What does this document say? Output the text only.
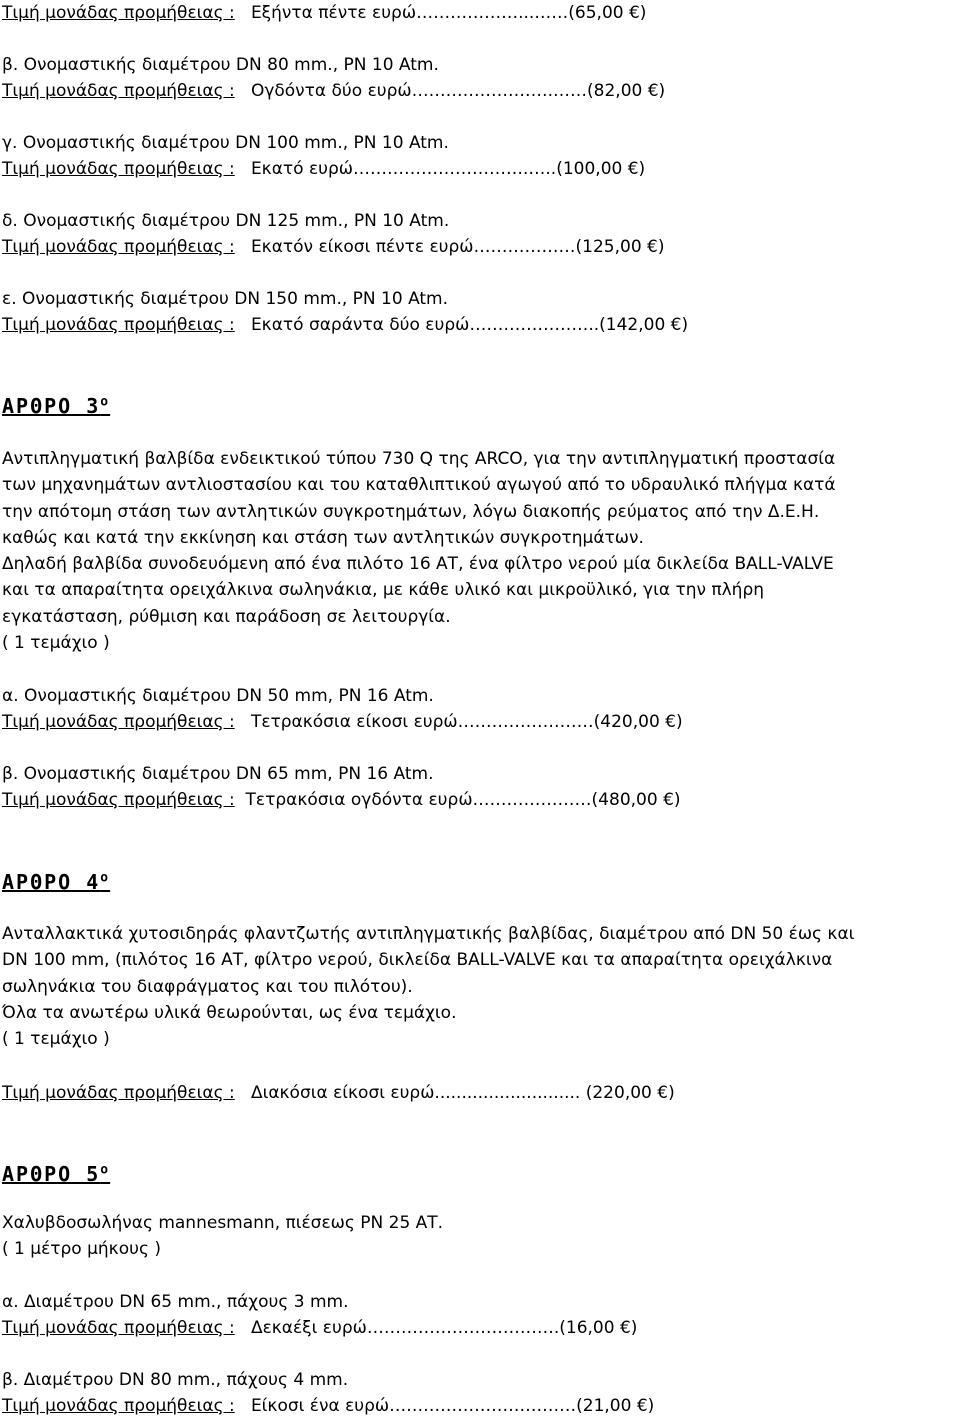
Τιμή μονάδας προμήθειας : Εξήντα πέντε ευρώ………………...……(65,00 €)
β. Ονομαστικής διαμέτρου DN 80 mm., PN 10 Atm.
Τιμή μονάδας προμήθειας : Ογδόντα δύο ευρώ…………………….……(82,00 €)
γ. Ονομαστικής διαμέτρου DN 100 mm., PN 10 Atm.
Τιμή μονάδας προμήθειας : Εκατό ευρώ………………………….…..(100,00 €)
δ. Ονομαστικής διαμέτρου DN 125 mm., PN 10 Atm.
Τιμή μονάδας προμήθειας : Εκατόν είκοσι πέντε ευρώ………………(125,00 €)
ε. Ονομαστικής διαμέτρου DN 150 mm., PN 10 Atm.
Τιμή μονάδας προμήθειας : Εκατό σαράντα δύο ευρώ…………………..(142,00 €)
ΑΡΘΡΟ $3^o$
Αντιπληγματική βαλβίδα ενδεικτικού τύπου 730 Q της ARCO, για την αντιπληγματική προστασία
των μηχανημάτων αντλιοστασίου και του καταθλιπτικού αγωγού από το υδραυλικό πλήγμα κατά
την απότομη στάση των αντλητικών συγκροτημάτων, λόγω διακοπής ρεύματος από την Δ.Ε.Η.
καθώς και κατά την εκκίνηση και στάση των αντλητικών συγκροτημάτων.
Δηλαδή βαλβίδα συνοδευόμενη από ένα πιλότο 16 ΑΤ, ένα φίλτρο νερού μία δικλείδα BALL-VALVE
και τα απαραίτητα ορειχάλκινα σωληνάκια, με κάθε υλικό και μικροϋλικό, για την πλήρη
εγκατάσταση, ρύθμιση και παράδοση σε λειτουργία.
( 1 τεμάχιο )
α. Ονομαστικής διαμέτρου DN 50 mm, PN 16 Atm.
Τιμή μονάδας προμήθειας : Τετρακόσια είκοσι ευρώ……………………(420,00 €)
β. Ονομαστικής διαμέτρου DN 65 mm, PN 16 Atm.
Τιμή μονάδας προμήθειας : Τετρακόσια ογδόντα ευρώ…………………(480,00 €)
ΑΡΘΡΟ $4^o$
Ανταλλακτικά χυτοσιδηράς φλαντζωτής αντιπληγματικής βαλβίδας, διαμέτρου από DN 50 έως και
DN 100 mm, (πιλότος 16 ΑΤ, φίλτρο νερού, δικλείδα BALL-VALVE και τα απαραίτητα ορειχάλκινα
σωληνάκια του διαφράγματος και του πιλότου).
Όλα τα ανωτέρω υλικά θεωρούνται, ως ένα τεμάχιο.
( 1 τεμάχιο )
Τιμή μονάδας προμήθειας : Διακόσια είκοσι ευρώ........................... (220,00 €)
ΑΡΘΡΟ $5^o$
Χαλυβδοσωλήνας mannesmann, πιέσεως ΡΝ 25 ΑΤ.
( 1 μέτρο μήκους )
α. Διαμέτρου DN 65 mm., πάχους 3 mm.
Τιμή μονάδας προμήθειας : Δεκαέξι ευρώ…………………………….(16,00 €)
β. Διαμέτρου DN 80 mm., πάχους 4 mm.
Τιμή μονάδας προμήθειας : Είκοσι ένα ευρώ……………………………(21,00 €)
